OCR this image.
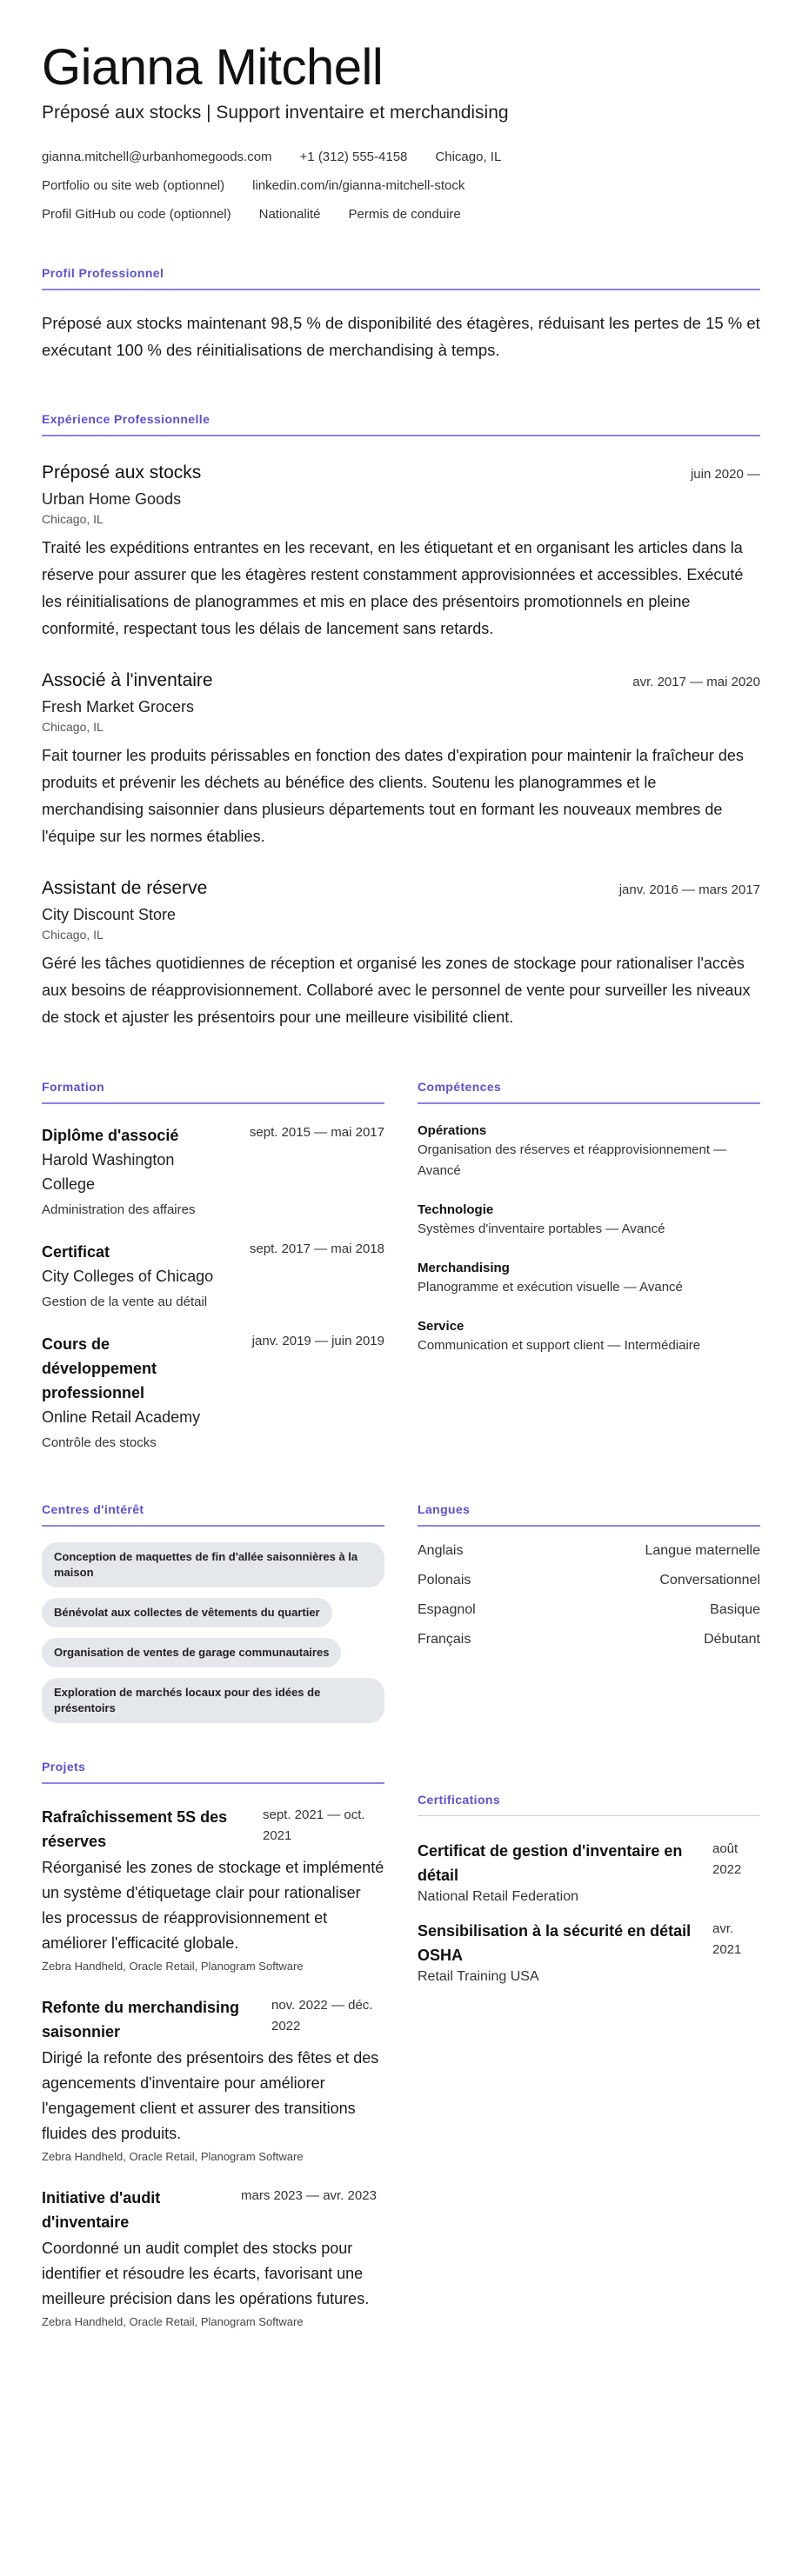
Gianna Mitchell
Préposé aux stocks | Support inventaire et merchandising
gianna.mitchell@urbanhomegoods.com +1 (312) 555-4158 Chicago, IL
Portfolio ou site web (optionnel) linkedin.com/in/gianna-mitchell-stock
Profil GitHub ou code (optionnel) Nationalité Permis de conduire
Profil Professionnel

Préposé aux stocks maintenant 98,5 % de disponibilité des étagères, réduisant les pertes de 15 % et exécutant 100 % des réinitialisations de merchandising à temps.

Expérience Professionnelle
Préposé aux stocks	juin 2020 —
Urban Home Goods
Chicago, IL

Traité les expéditions entrantes en les recevant, en les étiquetant et en organisant les articles dans la réserve pour assurer que les étagères restent constamment approvisionnées et accessibles. Exécuté les réinitialisations de planogrammes et mis en place des présentoirs promotionnels en pleine conformité, respectant tous les délais de lancement sans retards.

Associé à l'inventaire	avr. 2017 — mai 2020
Fresh Market Grocers
Chicago, IL

Fait tourner les produits périssables en fonction des dates d'expiration pour maintenir la fraîcheur des produits et prévenir les déchets au bénéfice des clients. Soutenu les planogrammes et le merchandising saisonnier dans plusieurs départements tout en formant les nouveaux membres de l'équipe sur les normes établies.

Assistant de réserve	janv. 2016 — mars 2017
City Discount Store
Chicago, IL

Géré les tâches quotidiennes de réception et organisé les zones de stockage pour rationaliser l'accès aux besoins de réapprovisionnement. Collaboré avec le personnel de vente pour surveiller les niveaux de stock et ajuster les présentoirs pour une meilleure visibilité client.

Formation
Diplôme d'associé
Harold Washington College
Administration des affaires
sept. 2015 — mai 2017
Certificat
City Colleges of Chicago
Gestion de la vente au détail
sept. 2017 — mai 2018
Cours de développement professionnel
Online Retail Academy
Contrôle des stocks
janv. 2019 — juin 2019
Compétences
Opérations
Organisation des réserves et réapprovisionnement — Avancé
Technologie
Systèmes d'inventaire portables — Avancé
Merchandising
Planogramme et exécution visuelle — Avancé
Service
Communication et support client — Intermédiaire
Centres d'intérêt
Conception de maquettes de fin d'allée saisonnières à la maison
Bénévolat aux collectes de vêtements du quartier
Organisation de ventes de garage communautaires
Exploration de marchés locaux pour des idées de présentoirs
Langues
Anglais	Langue maternelle
Polonais	Conversationnel
Espagnol	Basique
Français	Débutant
Projets
Rafraîchissement 5S des réserves
sept. 2021 — oct. 2021

Réorganisé les zones de stockage et implémenté un système d'étiquetage clair pour rationaliser les processus de réapprovisionnement et améliorer l'efficacité globale.

Zebra Handheld, Oracle Retail, Planogram Software
Refonte du merchandising saisonnier
nov. 2022 — déc. 2022

Dirigé la refonte des présentoirs des fêtes et des agencements d'inventaire pour améliorer l'engagement client et assurer des transitions fluides des produits.

Zebra Handheld, Oracle Retail, Planogram Software
Initiative d'audit d'inventaire
mars 2023 — avr. 2023

Coordonné un audit complet des stocks pour identifier et résoudre les écarts, favorisant une meilleure précision dans les opérations futures.

Zebra Handheld, Oracle Retail, Planogram Software
Certifications
Certificat de gestion d'inventaire en détail
août 2022
National Retail Federation
Sensibilisation à la sécurité en détail OSHA
avr. 2021
Retail Training USA
